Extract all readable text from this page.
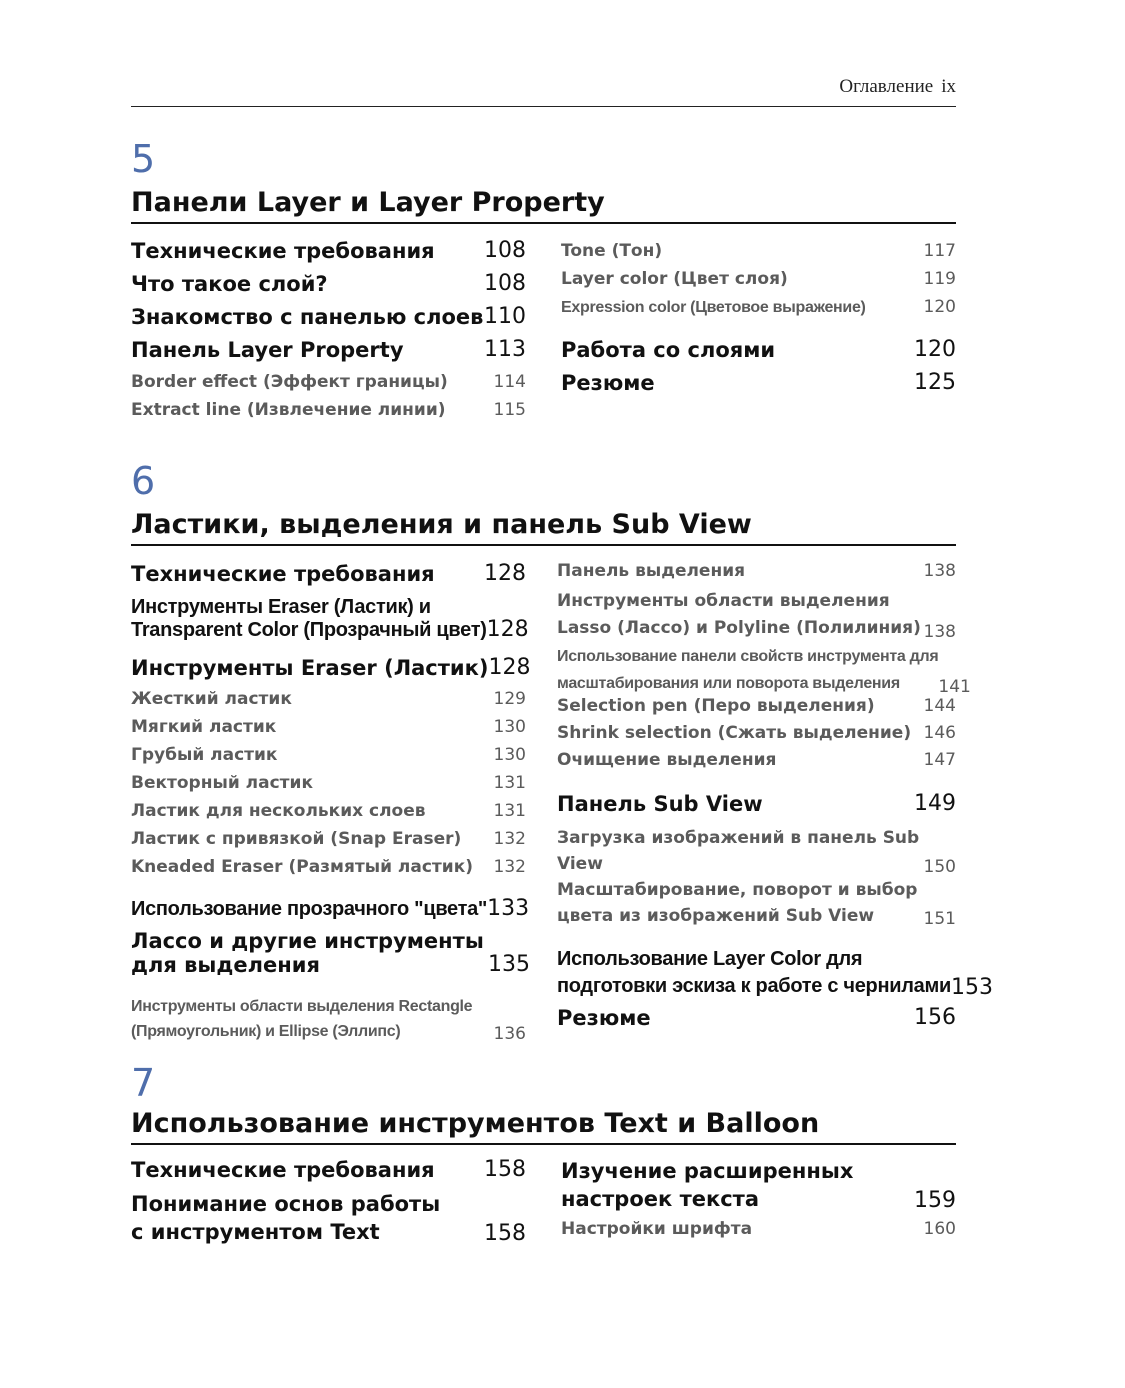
Оглавление ix
5
Панели Layer и Layer Property
Технические требования	108
Что такое слой?	108
Знакомство с панелью слоев 110
Панель Layer Property	113
Border effect (Эффект границы)	114
Extract line (Извлечение линии)	115
Tone (Тон)	117
Layer color (Цвет слоя)	119
Expression color (Цветовое выражение)	120
Работа со слоями	120
Резюме	125
6
Ластики, выделения и панель Sub View
Технические требования	128
Инструменты Eraser (Ластик) и
Transparent Color (Прозрачный цвет) 128
Инструменты Eraser (Ластик) 128
Жесткий ластик	129
Мягкий ластик	130
Грубый ластик	130
Векторный ластик	131
Ластик для нескольких слоев	131
Ластик с привязкой (Snap Eraser)	132
Kneaded Eraser (Размятый ластик)	132
Использование прозрачного "цвета" 133
Лассо и другие инструменты
для выделения	135
Инструменты области выделения Rectangle
(Прямоугольник) и Ellipse (Эллипс)	136
Панель выделения	138
Инструменты области выделения
Lasso (Лассо) и Polyline (Полилиния) 138
Использование панели свойств инструмента для
масштабирования или поворота выделения	141
Selection pen (Перо выделения)	144
Shrink selection (Сжать выделение) 146
Очищение выделения	147
Панель Sub View	149
Загрузка изображений в панель Sub
View	150
Масштабирование, поворот и выбор
цвета из изображений Sub View	151
Использование Layer Color для
подготовки эскиза к работе с чернилами 153
Резюме	156
7
Использование инструментов Text и Balloon
Технические требования	158
Понимание основ работы
с инструментом Text	158
Изучение расширенных
настроек текста	159
Настройки шрифта	160
